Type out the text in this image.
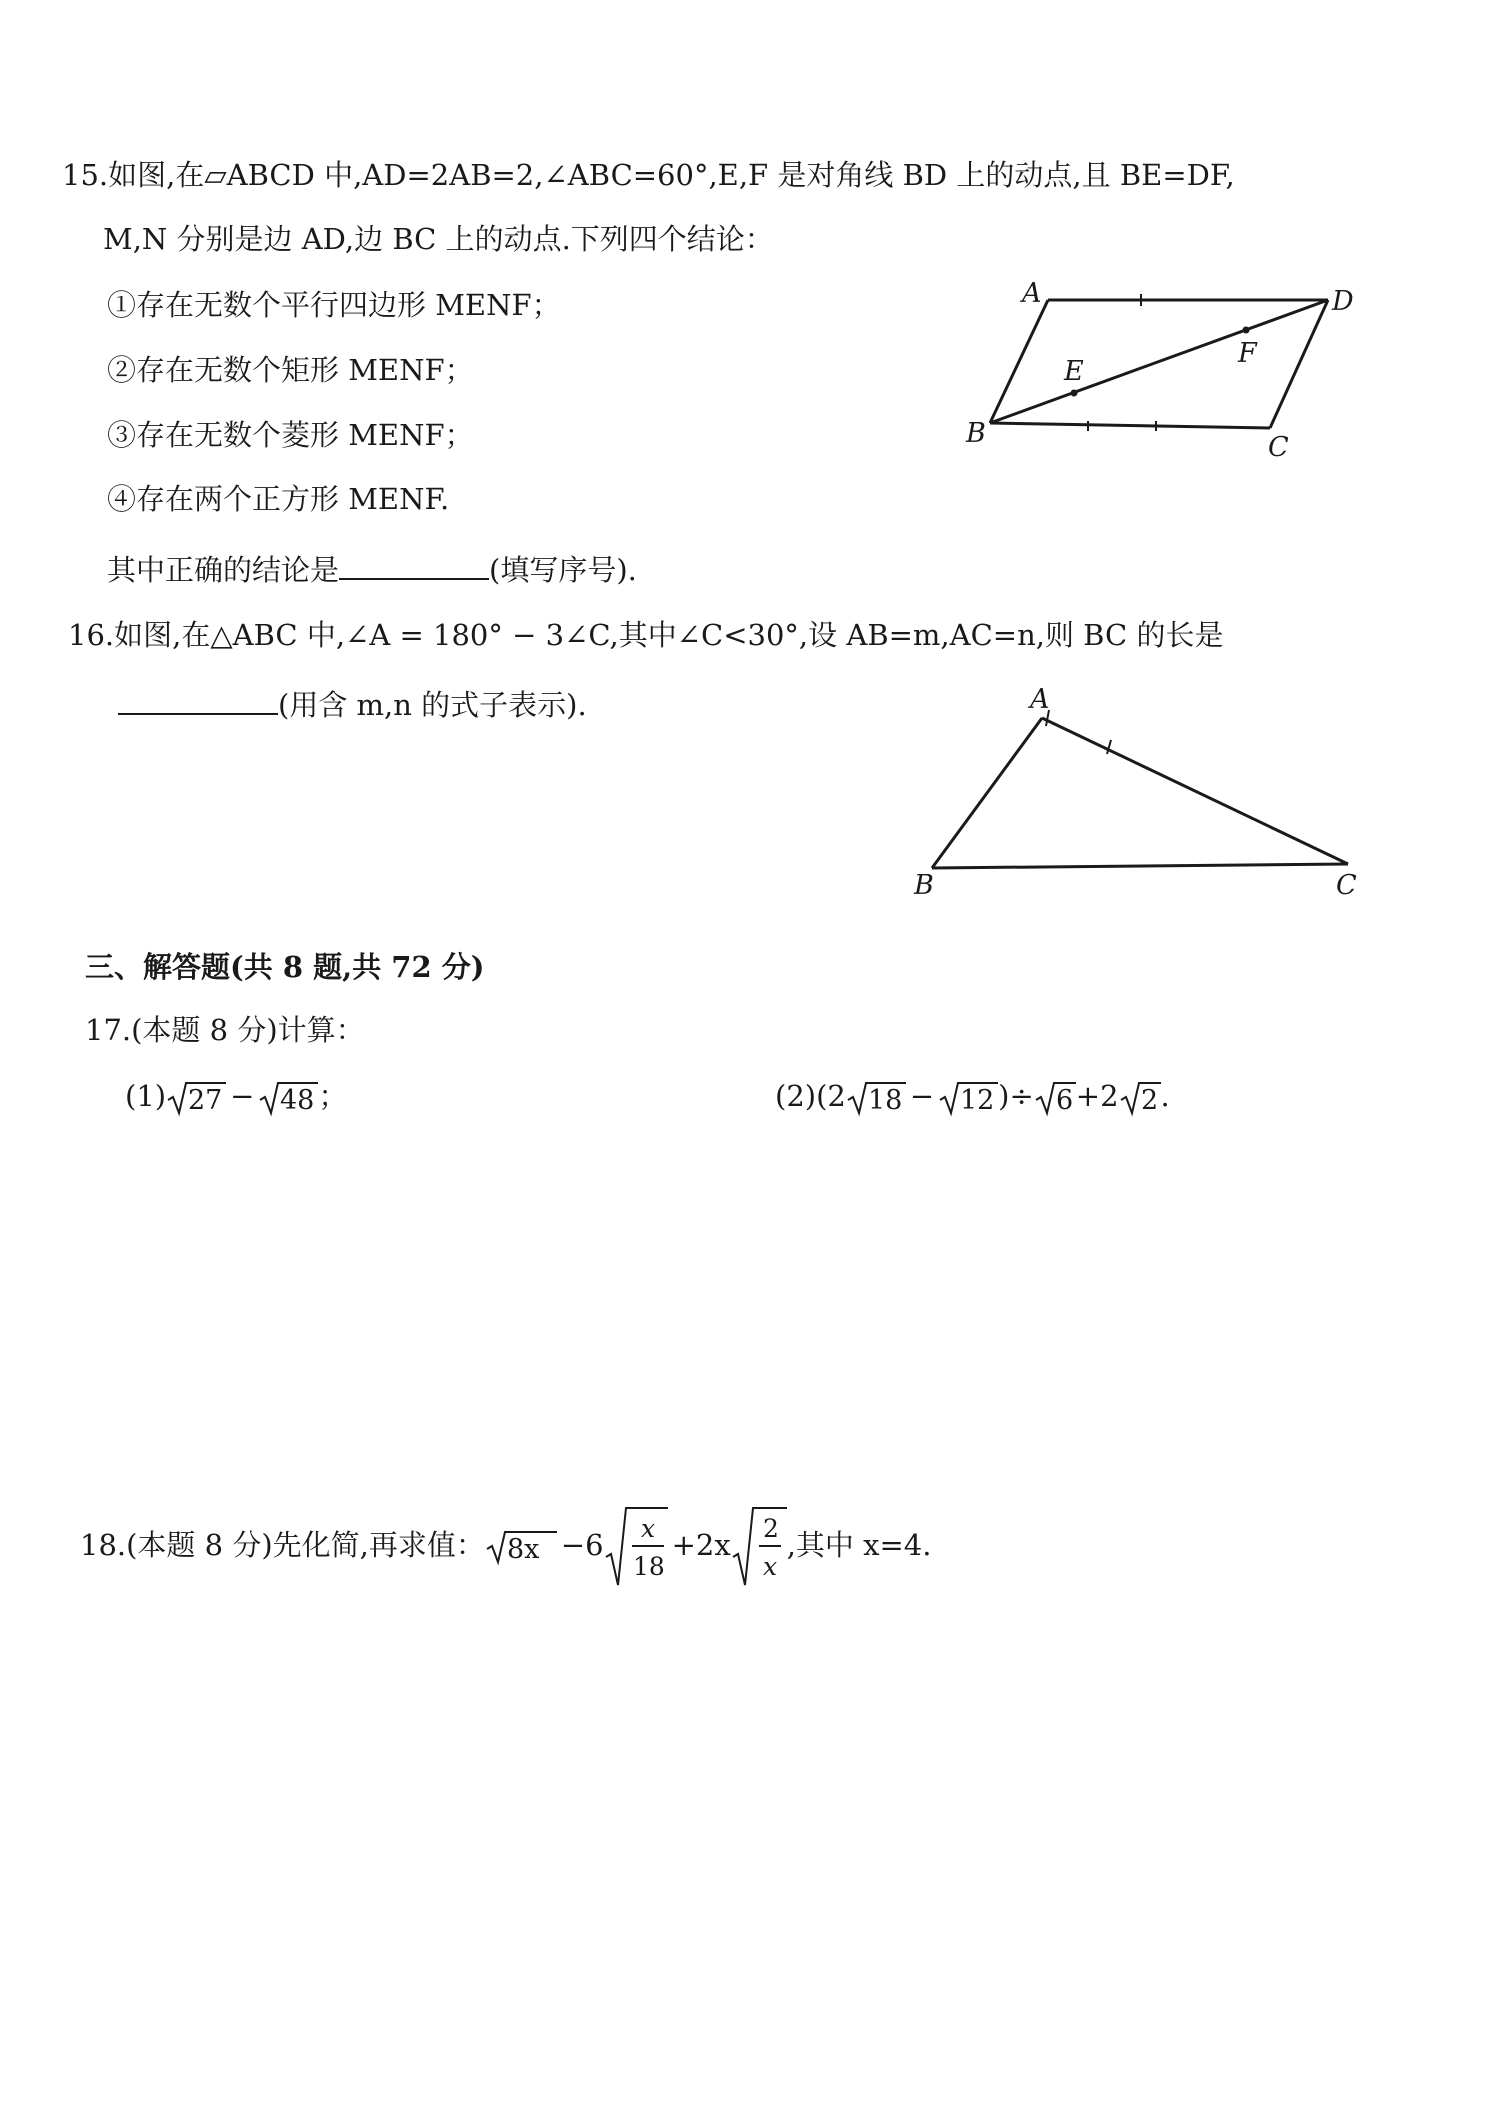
15.如图,在▱ABCD 中,AD=2AB=2,∠ABC=60°,E,F 是对角线 BD 上的动点,且 BE=DF,
M,N 分别是边 AD,边 BC 上的动点.下列四个结论：
①存在无数个平行四边形 MENF；
②存在无数个矩形 MENF；
③存在无数个菱形 MENF；
④存在两个正方形 MENF.
其中正确的结论是	(填写序号).
A	D
B	C
E
F
16.如图,在△ABC 中,∠A = 180° − 3∠C,其中∠C<30°,设 AB=m,AC=n,则 BC 的长是
(用含 m,n 的式子表示).	A
B	C
三、解答题(共 8 题,共 72 分)
17.(本题 8 分)计算：
(1) 27 − 48 ；	(2)(2 18 − 12 )÷ 6 +2 2 .
18.(本题 8 分)先化简,再求值： 8x −6 x
18
+2x 2
x
,其中 x=4.
